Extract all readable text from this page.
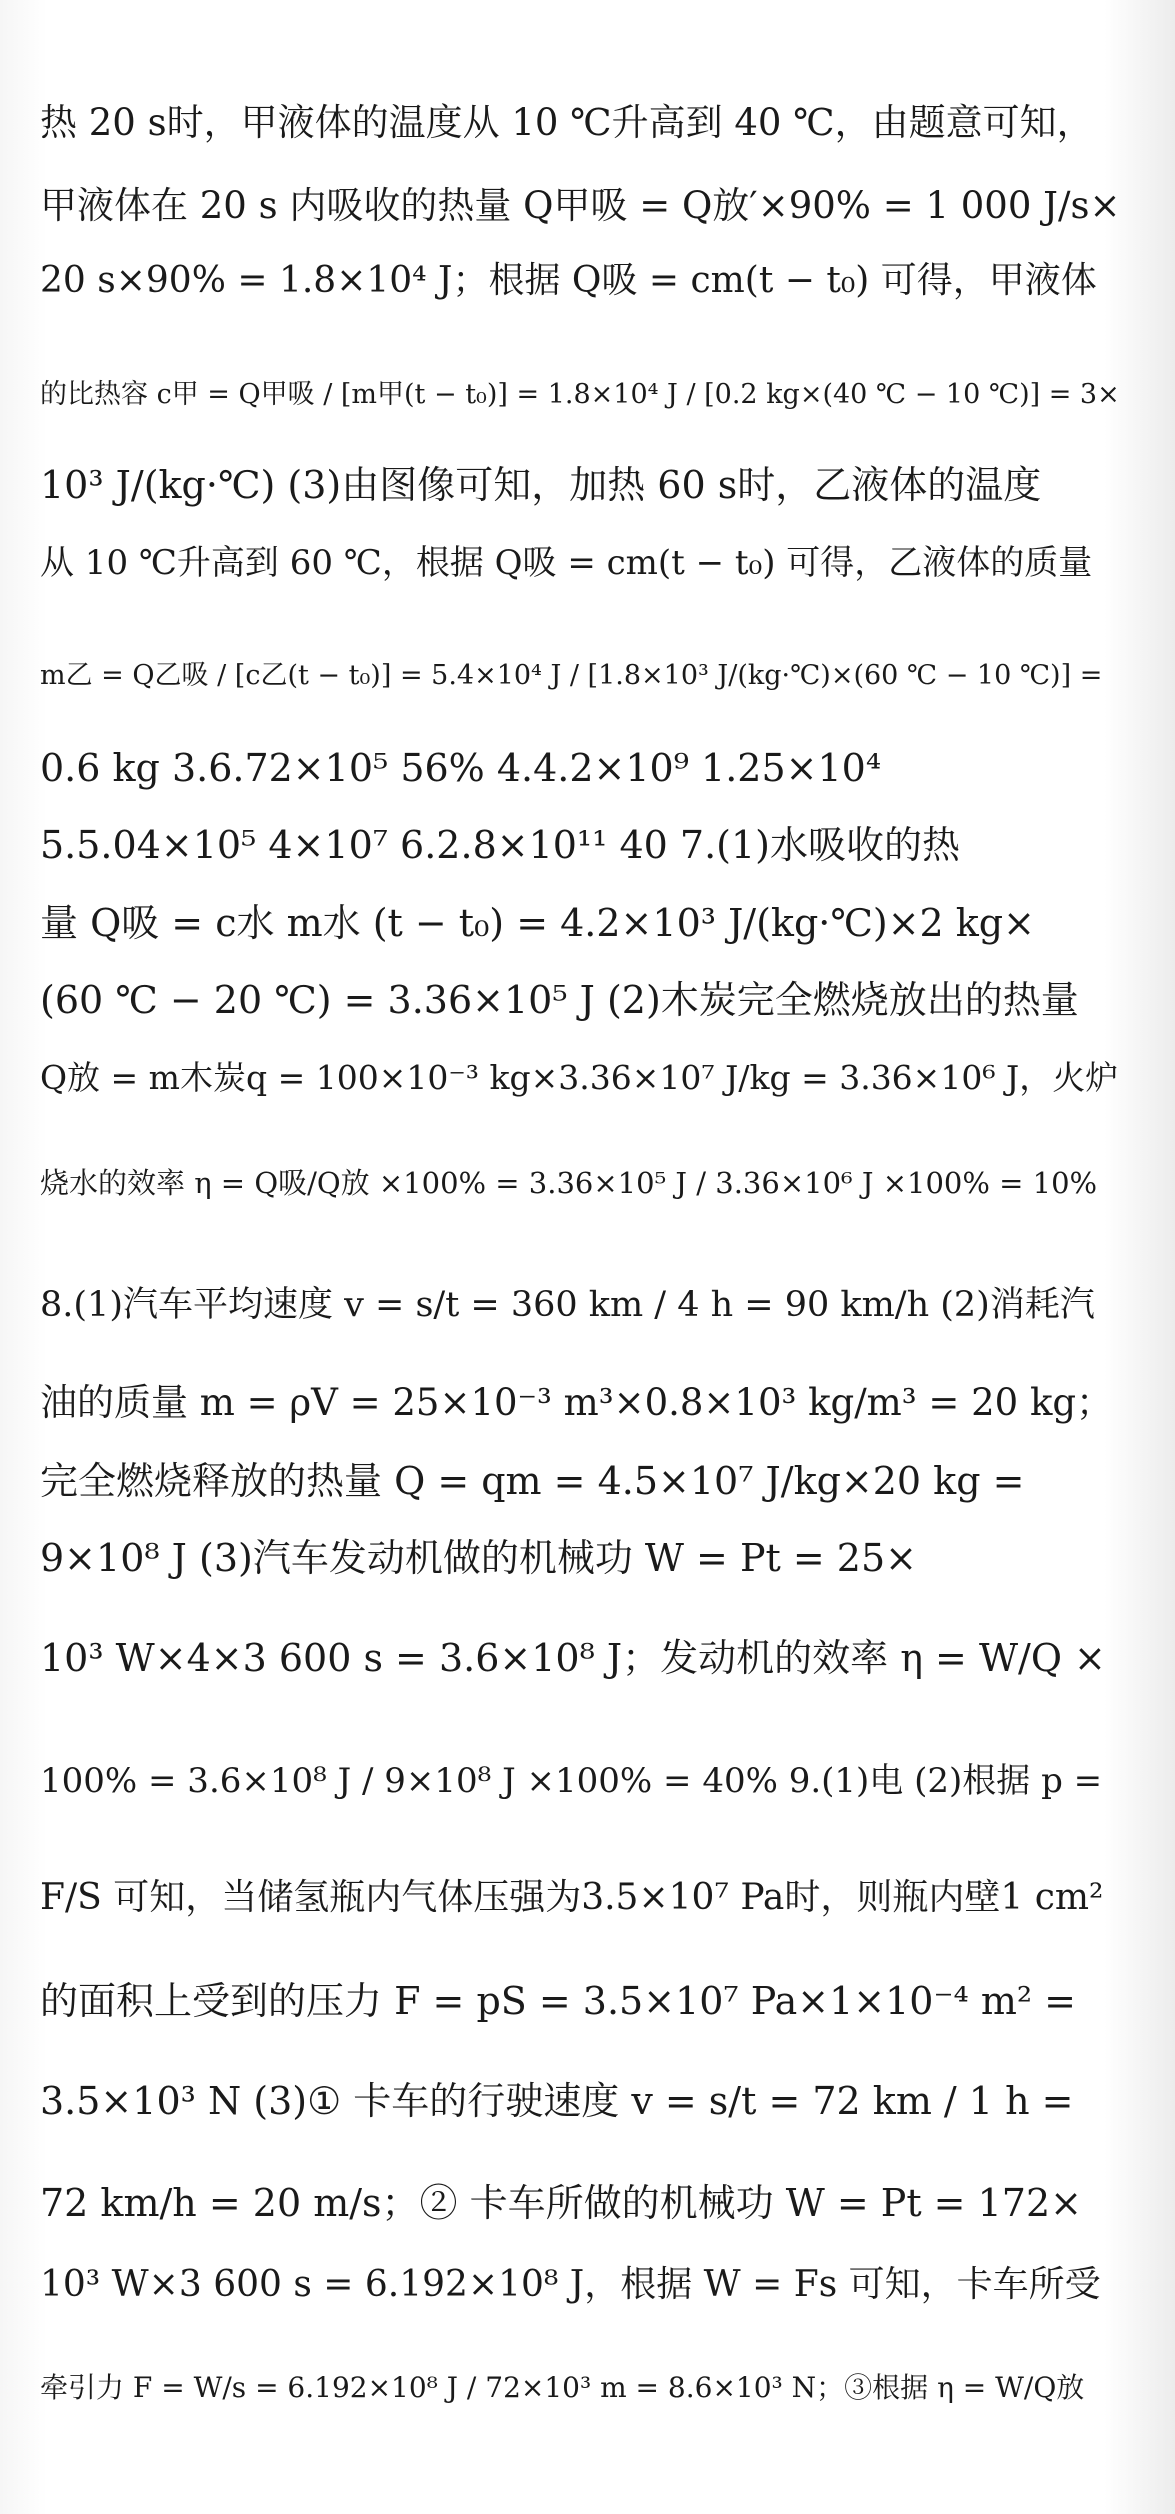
热 20 s时，甲液体的温度从 10 ℃升高到 40 ℃，由题意可知，
甲液体在 20 s 内吸收的热量 Q甲吸 = Q放′×90% = 1 000 J/s×
20 s×90% = 1.8×10⁴ J；根据 Q吸 = cm(t − t₀) 可得，甲液体
的比热容 c甲 = Q甲吸 / [m甲(t − t₀)] = 1.8×10⁴ J / [0.2 kg×(40 ℃ − 10 ℃)] = 3×
10³ J/(kg·℃) (3)由图像可知，加热 60 s时，乙液体的温度
从 10 ℃升高到 60 ℃，根据 Q吸 = cm(t − t₀) 可得，乙液体的质量
m乙 = Q乙吸 / [c乙(t − t₀)] = 5.4×10⁴ J / [1.8×10³ J/(kg·℃)×(60 ℃ − 10 ℃)] =
0.6 kg 3.6.72×10⁵ 56% 4.4.2×10⁹ 1.25×10⁴
5.5.04×10⁵ 4×10⁷ 6.2.8×10¹¹ 40 7.(1)水吸收的热
量 Q吸 = c水 m水 (t − t₀) = 4.2×10³ J/(kg·℃)×2 kg×
(60 ℃ − 20 ℃) = 3.36×10⁵ J (2)木炭完全燃烧放出的热量
Q放 = m木炭q = 100×10⁻³ kg×3.36×10⁷ J/kg = 3.36×10⁶ J，火炉
烧水的效率 η = Q吸/Q放 ×100% = 3.36×10⁵ J / 3.36×10⁶ J ×100% = 10%
8.(1)汽车平均速度 v = s/t = 360 km / 4 h = 90 km/h (2)消耗汽
油的质量 m = ρV = 25×10⁻³ m³×0.8×10³ kg/m³ = 20 kg；
完全燃烧释放的热量 Q = qm = 4.5×10⁷ J/kg×20 kg =
9×10⁸ J (3)汽车发动机做的机械功 W = Pt = 25×
10³ W×4×3 600 s = 3.6×10⁸ J；发动机的效率 η = W/Q ×
100% = 3.6×10⁸ J / 9×10⁸ J ×100% = 40% 9.(1)电 (2)根据 p =
F/S 可知，当储氢瓶内气体压强为3.5×10⁷ Pa时，则瓶内壁1 cm²
的面积上受到的压力 F = pS = 3.5×10⁷ Pa×1×10⁻⁴ m² =
3.5×10³ N (3)① 卡车的行驶速度 v = s/t = 72 km / 1 h =
72 km/h = 20 m/s；② 卡车所做的机械功 W = Pt = 172×
10³ W×3 600 s = 6.192×10⁸ J，根据 W = Fs 可知，卡车所受
牵引力 F = W/s = 6.192×10⁸ J / 72×10³ m = 8.6×10³ N；③根据 η = W/Q放
